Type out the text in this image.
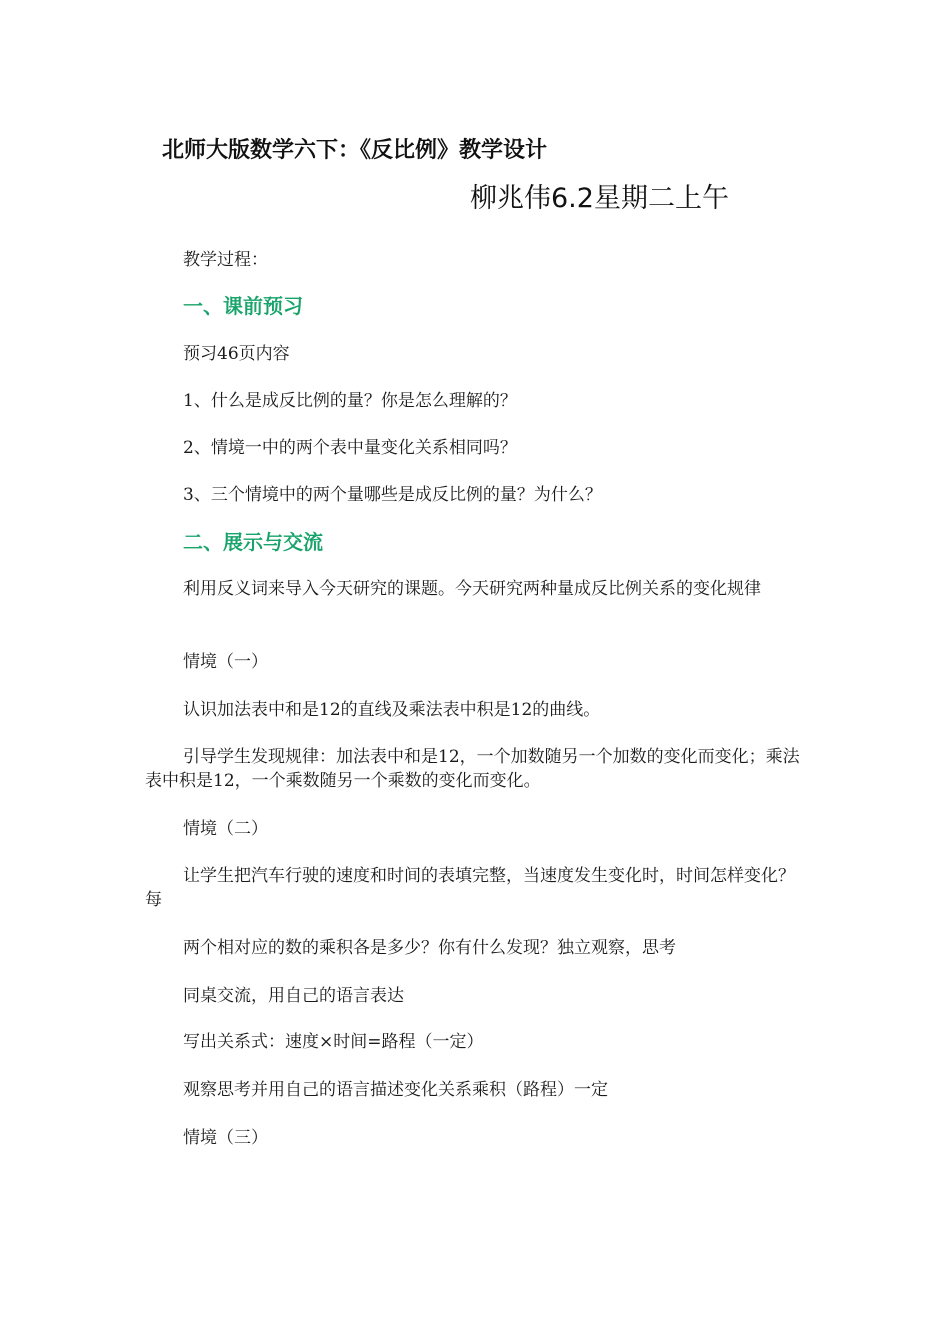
北师大版数学六下：《反比例》教学设计
柳兆伟6.2星期二上午
教学过程：
一、课前预习
预习46页内容
1、什么是成反比例的量？你是怎么理解的？
2、情境一中的两个表中量变化关系相同吗？
3、三个情境中的两个量哪些是成反比例的量？为什么？
二、展示与交流
利用反义词来导入今天研究的课题。今天研究两种量成反比例关系的变化规律
情境（一）
认识加法表中和是12的直线及乘法表中积是12的曲线。
引导学生发现规律：加法表中和是12，一个加数随另一个加数的变化而变化；乘法表中积是12，一个乘数随另一个乘数的变化而变化。
情境（二）
让学生把汽车行驶的速度和时间的表填完整，当速度发生变化时，时间怎样变化？每
两个相对应的数的乘积各是多少？你有什么发现？独立观察，思考
同桌交流，用自己的语言表达
写出关系式：速度×时间=路程（一定）
观察思考并用自己的语言描述变化关系乘积（路程）一定
情境（三）
